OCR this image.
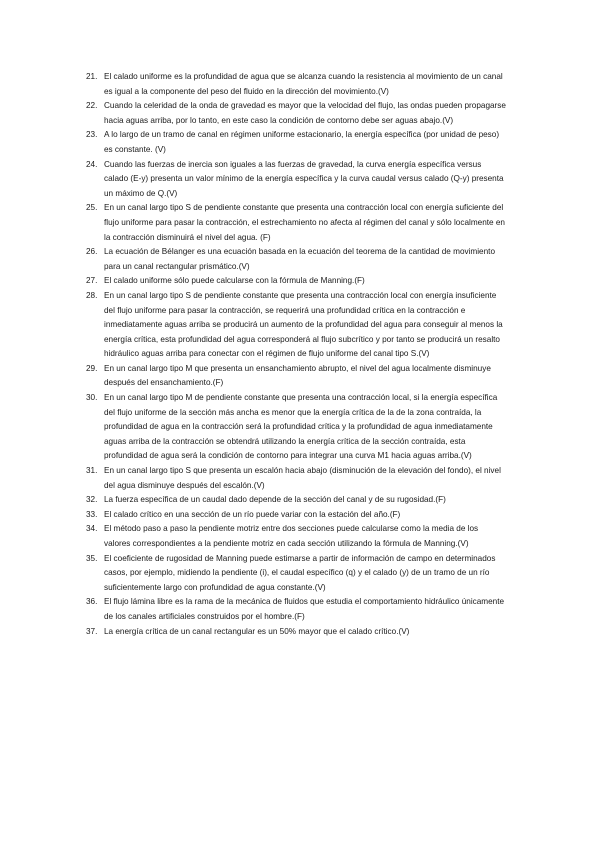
21. El calado uniforme es la profundidad de agua que se alcanza cuando la resistencia al movimiento de un canal es igual a la componente del peso del fluido en la dirección del movimiento.(V)
22. Cuando la celeridad de la onda de gravedad es mayor que la velocidad del flujo, las ondas pueden propagarse hacia aguas arriba, por lo tanto, en este caso la condición de contorno debe ser aguas abajo.(V)
23. A lo largo de un tramo de canal en régimen uniforme estacionario, la energía específica (por unidad de peso) es constante. (V)
24. Cuando las fuerzas de inercia son iguales a las fuerzas de gravedad, la curva energía específica versus calado (E-y) presenta un valor mínimo de la energía específica y la curva caudal versus calado (Q-y) presenta un máximo de Q.(V)
25. En un canal largo tipo S de pendiente constante que presenta una contracción local con energía suficiente del flujo uniforme para pasar la contracción, el estrechamiento no afecta al régimen del canal y sólo localmente en la contracción disminuirá el nivel del agua. (F)
26. La ecuación de Bélanger es una ecuación basada en la ecuación del teorema de la cantidad de movimiento para un canal rectangular prismático.(V)
27. El calado uniforme sólo puede calcularse con la fórmula de Manning.(F)
28. En un canal largo tipo S de pendiente constante que presenta una contracción local con energía insuficiente del flujo uniforme para pasar la contracción, se requerirá una profundidad crítica en la contracción e inmediatamente aguas arriba se producirá un aumento de la profundidad del agua para conseguir al menos la energía crítica, esta profundidad del agua corresponderá al flujo subcrítico y por tanto se producirá un resalto hidráulico aguas arriba para conectar con el régimen de flujo uniforme del canal tipo S.(V)
29. En un canal largo tipo M que presenta un ensanchamiento abrupto, el nivel del agua localmente disminuye después del ensanchamiento.(F)
30. En un canal largo tipo M de pendiente constante que presenta una contracción local, si la energía específica del flujo uniforme de la sección más ancha es menor que la energía crítica de la de la zona contraída, la profundidad de agua en la contracción será la profundidad crítica y la profundidad de agua inmediatamente aguas arriba de la contracción se obtendrá utilizando la energía crítica de la sección contraída, esta profundidad de agua será la condición de contorno para integrar una curva M1 hacia aguas arriba.(V)
31. En un canal largo tipo S que presenta un escalón hacia abajo (disminución de la elevación del fondo), el nivel del agua disminuye después del escalón.(V)
32. La fuerza específica de un caudal dado depende de la sección del canal y de su rugosidad.(F)
33. El calado crítico en una sección de un río puede variar con la estación del año.(F)
34. El método paso a paso la pendiente motriz entre dos secciones puede calcularse como la media de los valores correspondientes a la pendiente motriz en cada sección utilizando la fórmula de Manning.(V)
35. El coeficiente de rugosidad de Manning puede estimarse a partir de información de campo en determinados casos, por ejemplo, midiendo la pendiente (i), el caudal específico (q) y el calado (y) de un tramo de un río suficientemente largo con profundidad de agua constante.(V)
36. El flujo lámina libre es la rama de la mecánica de fluidos que estudia el comportamiento hidráulico únicamente de los canales artificiales construidos por el hombre.(F)
37. La energía crítica de un canal rectangular es un 50% mayor que el calado crítico.(V)
